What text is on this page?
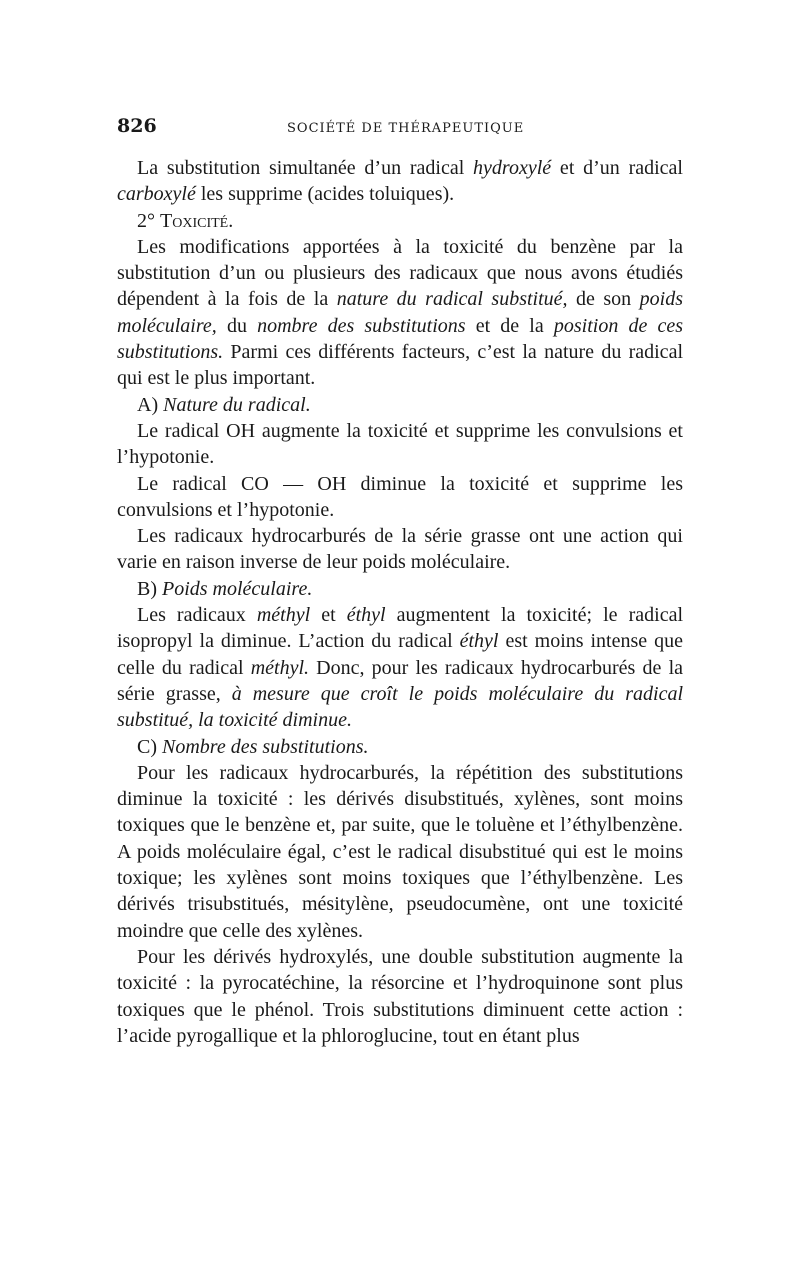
826	SOCIÉTÉ DE THÉRAPEUTIQUE

La substitution simultanée d’un radical hydroxylé et d’un radical carboxylé les supprime (acides toluiques).

2° Toxicité.

Les modifications apportées à la toxicité du benzène par la substitution d’un ou plusieurs des radicaux que nous avons étudiés dépendent à la fois de la nature du radical substitué, de son poids moléculaire, du nombre des substitutions et de la position de ces substitutions. Parmi ces différents facteurs, c’est la nature du radical qui est le plus important.

A) Nature du radical.

Le radical OH augmente la toxicité et supprime les convulsions et l’hypotonie.

Le radical CO — OH diminue la toxicité et supprime les convulsions et l’hypotonie.

Les radicaux hydrocarburés de la série grasse ont une action qui varie en raison inverse de leur poids moléculaire.

B) Poids moléculaire.

Les radicaux méthyl et éthyl augmentent la toxicité; le radical isopropyl la diminue. L’action du radical éthyl est moins intense que celle du radical méthyl. Donc, pour les radicaux hydrocarburés de la série grasse, à mesure que croît le poids moléculaire du radical substitué, la toxicité diminue.

C) Nombre des substitutions.

Pour les radicaux hydrocarburés, la répétition des substitutions diminue la toxicité : les dérivés disubstitués, xylènes, sont moins toxiques que le benzène et, par suite, que le toluène et l’éthylbenzène. A poids moléculaire égal, c’est le radical disubstitué qui est le moins toxique; les xylènes sont moins toxiques que l’éthylbenzène. Les dérivés trisubstitués, mésitylène, pseudocumène, ont une toxicité moindre que celle des xylènes.

Pour les dérivés hydroxylés, une double substitution augmente la toxicité : la pyrocatéchine, la résorcine et l’hydroquinone sont plus toxiques que le phénol. Trois substitutions diminuent cette action : l’acide pyrogallique et la phloroglucine, tout en étant plus
